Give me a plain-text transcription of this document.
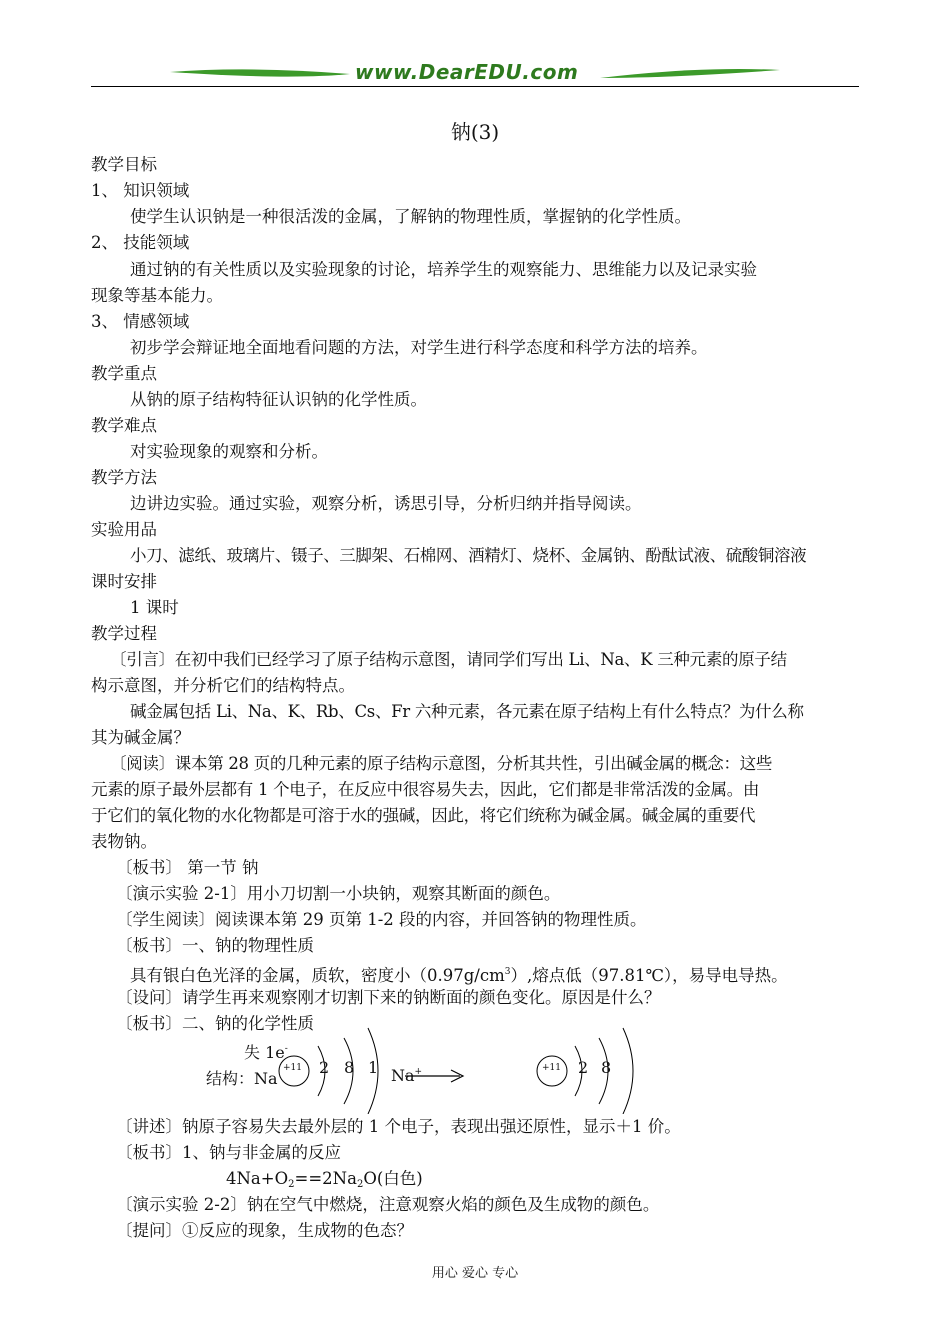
www.DearEDU.com
钠(3)
教学目标
1、 知识领域
使学生认识钠是一种很活泼的金属，了解钠的物理性质，掌握钠的化学性质。
2、 技能领域
通过钠的有关性质以及实验现象的讨论，培养学生的观察能力、思维能力以及记录实验
现象等基本能力。
3、 情感领域
初步学会辩证地全面地看问题的方法，对学生进行科学态度和科学方法的培养。
教学重点
从钠的原子结构特征认识钠的化学性质。
教学难点
对实验现象的观察和分析。
教学方法
边讲边实验。通过实验，观察分析，诱思引导，分析归纳并指导阅读。
实验用品
小刀、滤纸、玻璃片、镊子、三脚架、石棉网、酒精灯、烧杯、金属钠、酚酞试液、硫酸铜溶液
课时安排
1 课时
教学过程
〔引言〕在初中我们已经学习了原子结构示意图，请同学们写出 Li、Na、K 三种元素的原子结
构示意图，并分析它们的结构特点。
碱金属包括 Li、Na、K、Rb、Cs、Fr 六种元素，各元素在原子结构上有什么特点？为什么称
其为碱金属？
〔阅读〕课本第 28 页的几种元素的原子结构示意图，分析其共性，引出碱金属的概念：这些
元素的原子最外层都有 1 个电子，在反应中很容易失去，因此，它们都是非常活泼的金属。由
于它们的氧化物的水化物都是可溶于水的强碱，因此，将它们统称为碱金属。碱金属的重要代
表物钠。
〔板书〕 第一节 钠
〔演示实验 2-1〕用小刀切割一小块钠，观察其断面的颜色。
〔学生阅读〕阅读课本第 29 页第 1-2 段的内容，并回答钠的物理性质。
〔板书〕一、钠的物理性质
具有银白色光泽的金属，质软，密度小$(0.97g/cm^3)$,熔点低（97.81℃），易导电导热。
〔设问〕请学生再来观察刚才切割下来的钠断面的颜色变化。原因是什么？
〔板书〕二、钠的化学性质
失 1e-
结构：Na
+11 2 8 1 Na+	+11 2 8
〔讲述〕钠原子容易失去最外层的 1 个电子，表现出强还原性，显示＋1 价。
〔板书〕1、钠与非金属的反应
$4Na+O_2==2Na_2O$(白色)
〔演示实验 2-2〕钠在空气中燃烧，注意观察火焰的颜色及生成物的颜色。
〔提问〕①反应的现象，生成物的色态？
用心 爱心 专心
